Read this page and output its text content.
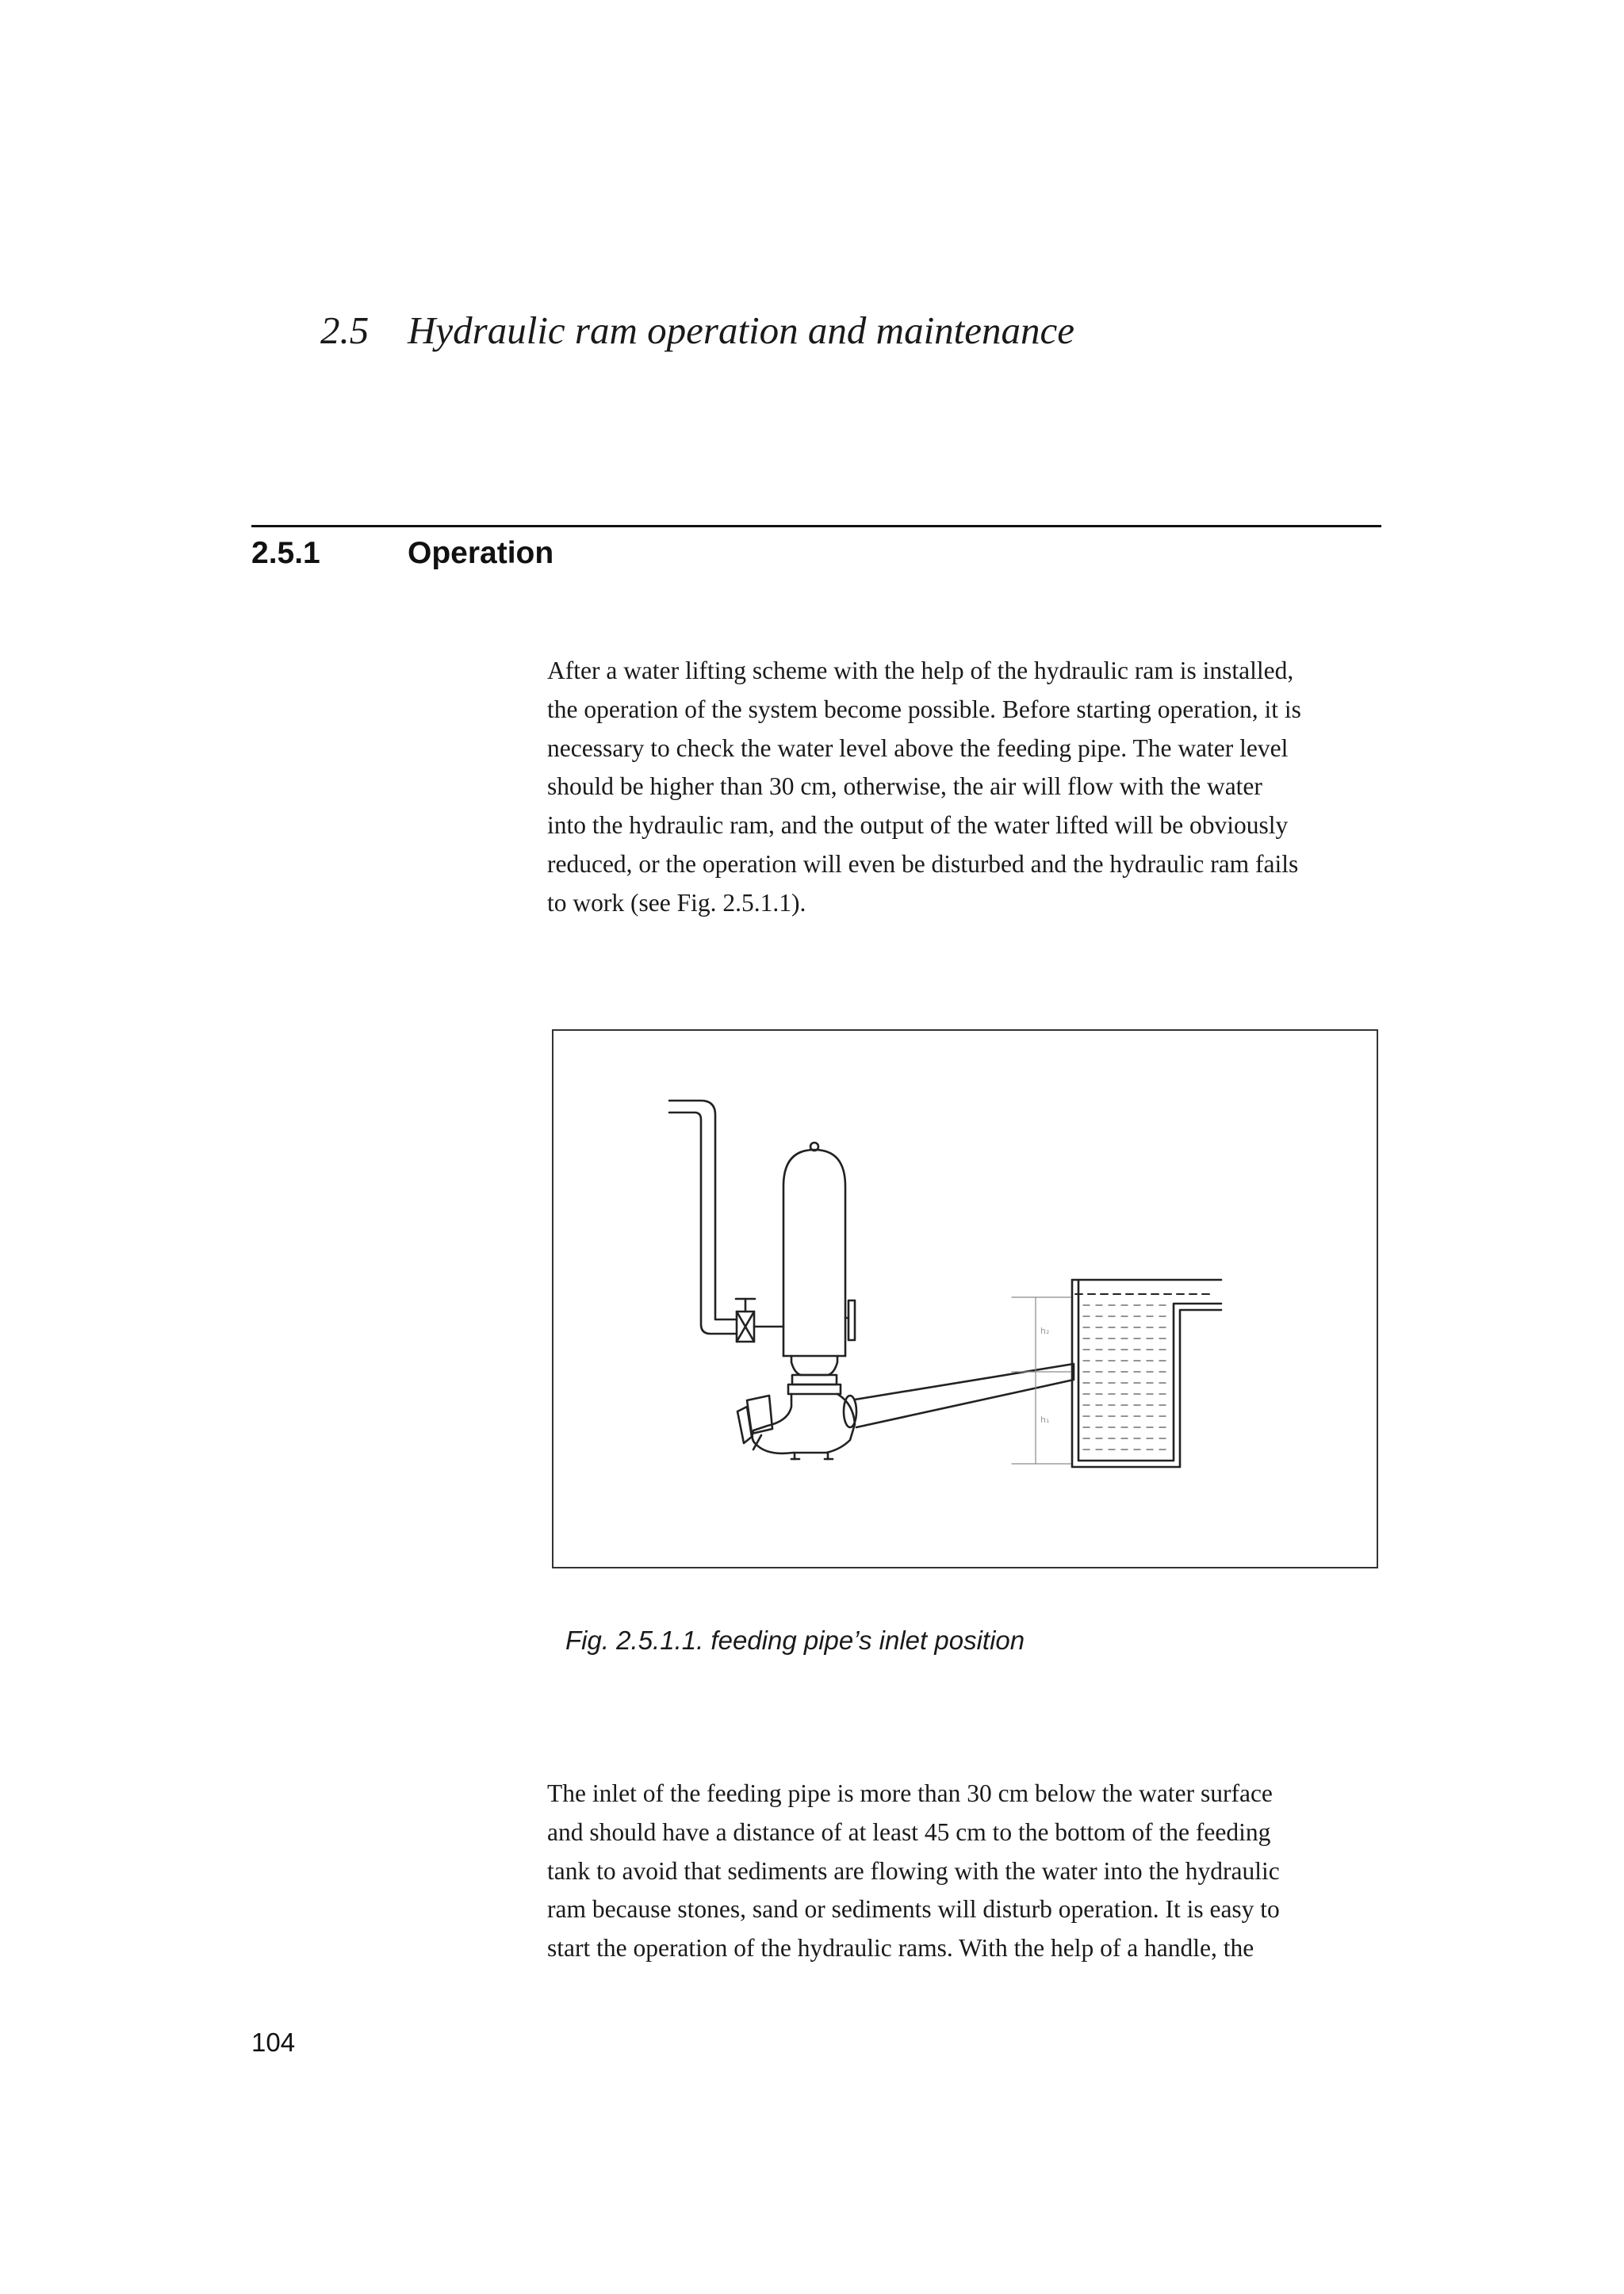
2.5 Hydraulic ram operation and maintenance
2.5.1	Operation

After a water lifting scheme with the help of the hydraulic ram is installed,
the operation of the system become possible. Before starting operation, it is
necessary to check the water level above the feeding pipe. The water level
should be higher than 30 cm, otherwise, the air will flow with the water
into the hydraulic ram, and the output of the water lifted will be obviously
reduced, or the operation will even be disturbed and the hydraulic ram fails
to work (see Fig. 2.5.1.1).

h₂
h₁
Fig. 2.5.1.1. feeding pipe’s inlet position

The inlet of the feeding pipe is more than 30 cm below the water surface
and should have a distance of at least 45 cm to the bottom of the feeding
tank to avoid that sediments are flowing with the water into the hydraulic
ram because stones, sand or sediments will disturb operation. It is easy to
start the operation of the hydraulic rams. With the help of a handle, the

104
